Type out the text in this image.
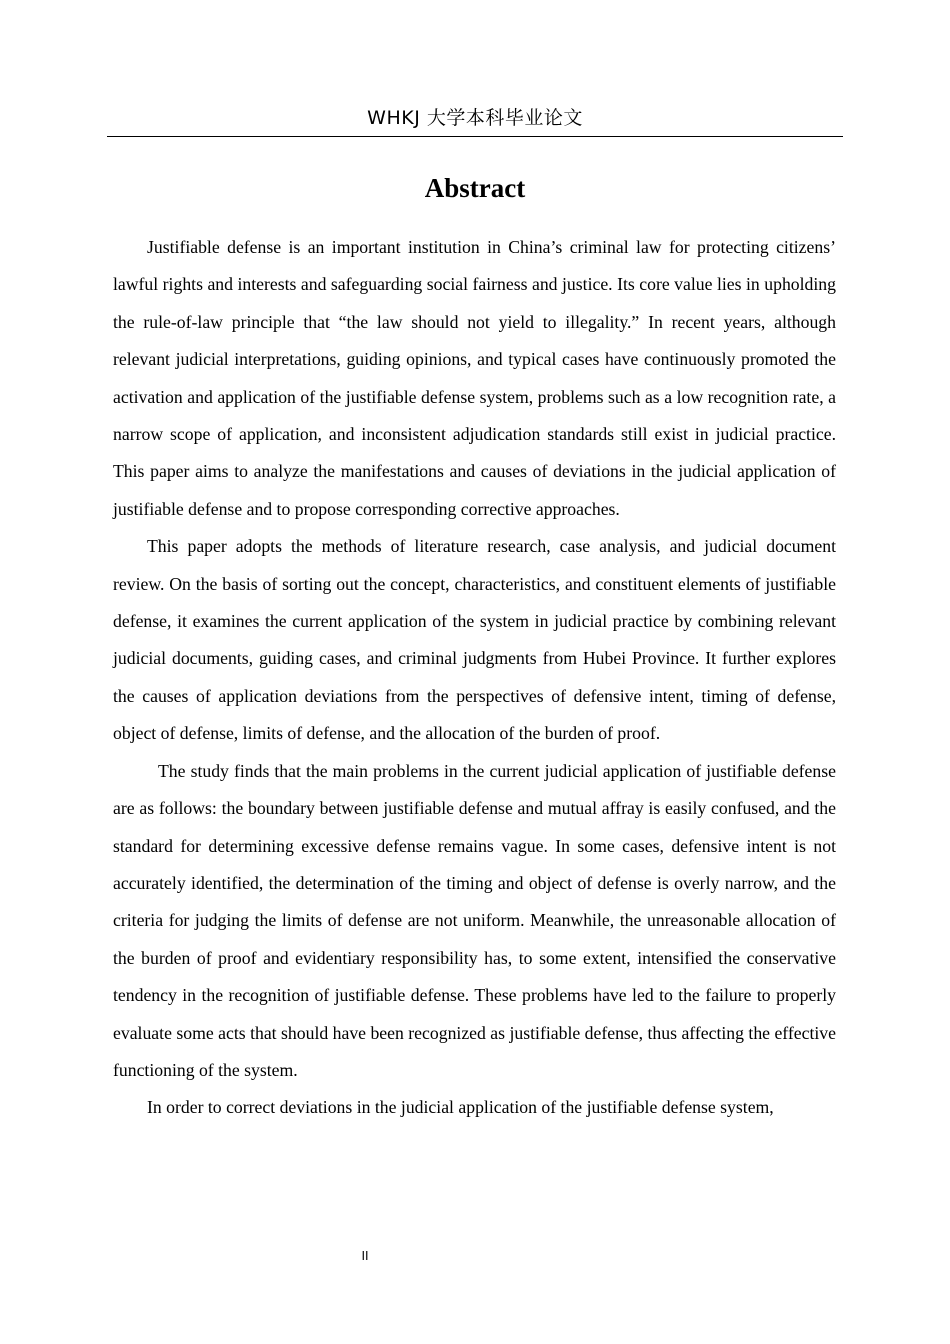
WHKJ 大学本科毕业论文
Abstract

Justifiable defense is an important institution in China’s criminal law for protecting citizens’ lawful rights and interests and safeguarding social fairness and justice. Its core value lies in upholding the rule-of-law principle that “the law should not yield to illegality.” In recent years, although relevant judicial interpretations, guiding opinions, and typical cases have continuously promoted the activation and application of the justifiable defense system, problems such as a low recognition rate, a narrow scope of application, and inconsistent adjudication standards still exist in judicial practice. This paper aims to analyze the manifestations and causes of deviations in the judicial application of justifiable defense and to propose corresponding corrective approaches.

This paper adopts the methods of literature research, case analysis, and judicial document review. On the basis of sorting out the concept, characteristics, and constituent elements of justifiable defense, it examines the current application of the system in judicial practice by combining relevant judicial documents, guiding cases, and criminal judgments from Hubei Province. It further explores the causes of application deviations from the perspectives of defensive intent, timing of defense, object of defense, limits of defense, and the allocation of the burden of proof.

The study finds that the main problems in the current judicial application of justifiable defense are as follows: the boundary between justifiable defense and mutual affray is easily confused, and the standard for determining excessive defense remains vague. In some cases, defensive intent is not accurately identified, the determination of the timing and object of defense is overly narrow, and the criteria for judging the limits of defense are not uniform. Meanwhile, the unreasonable allocation of the burden of proof and evidentiary responsibility has, to some extent, intensified the conservative tendency in the recognition of justifiable defense. These problems have led to the failure to properly evaluate some acts that should have been recognized as justifiable defense, thus affecting the effective functioning of the system.

In order to correct deviations in the judicial application of the justifiable defense system,

II
